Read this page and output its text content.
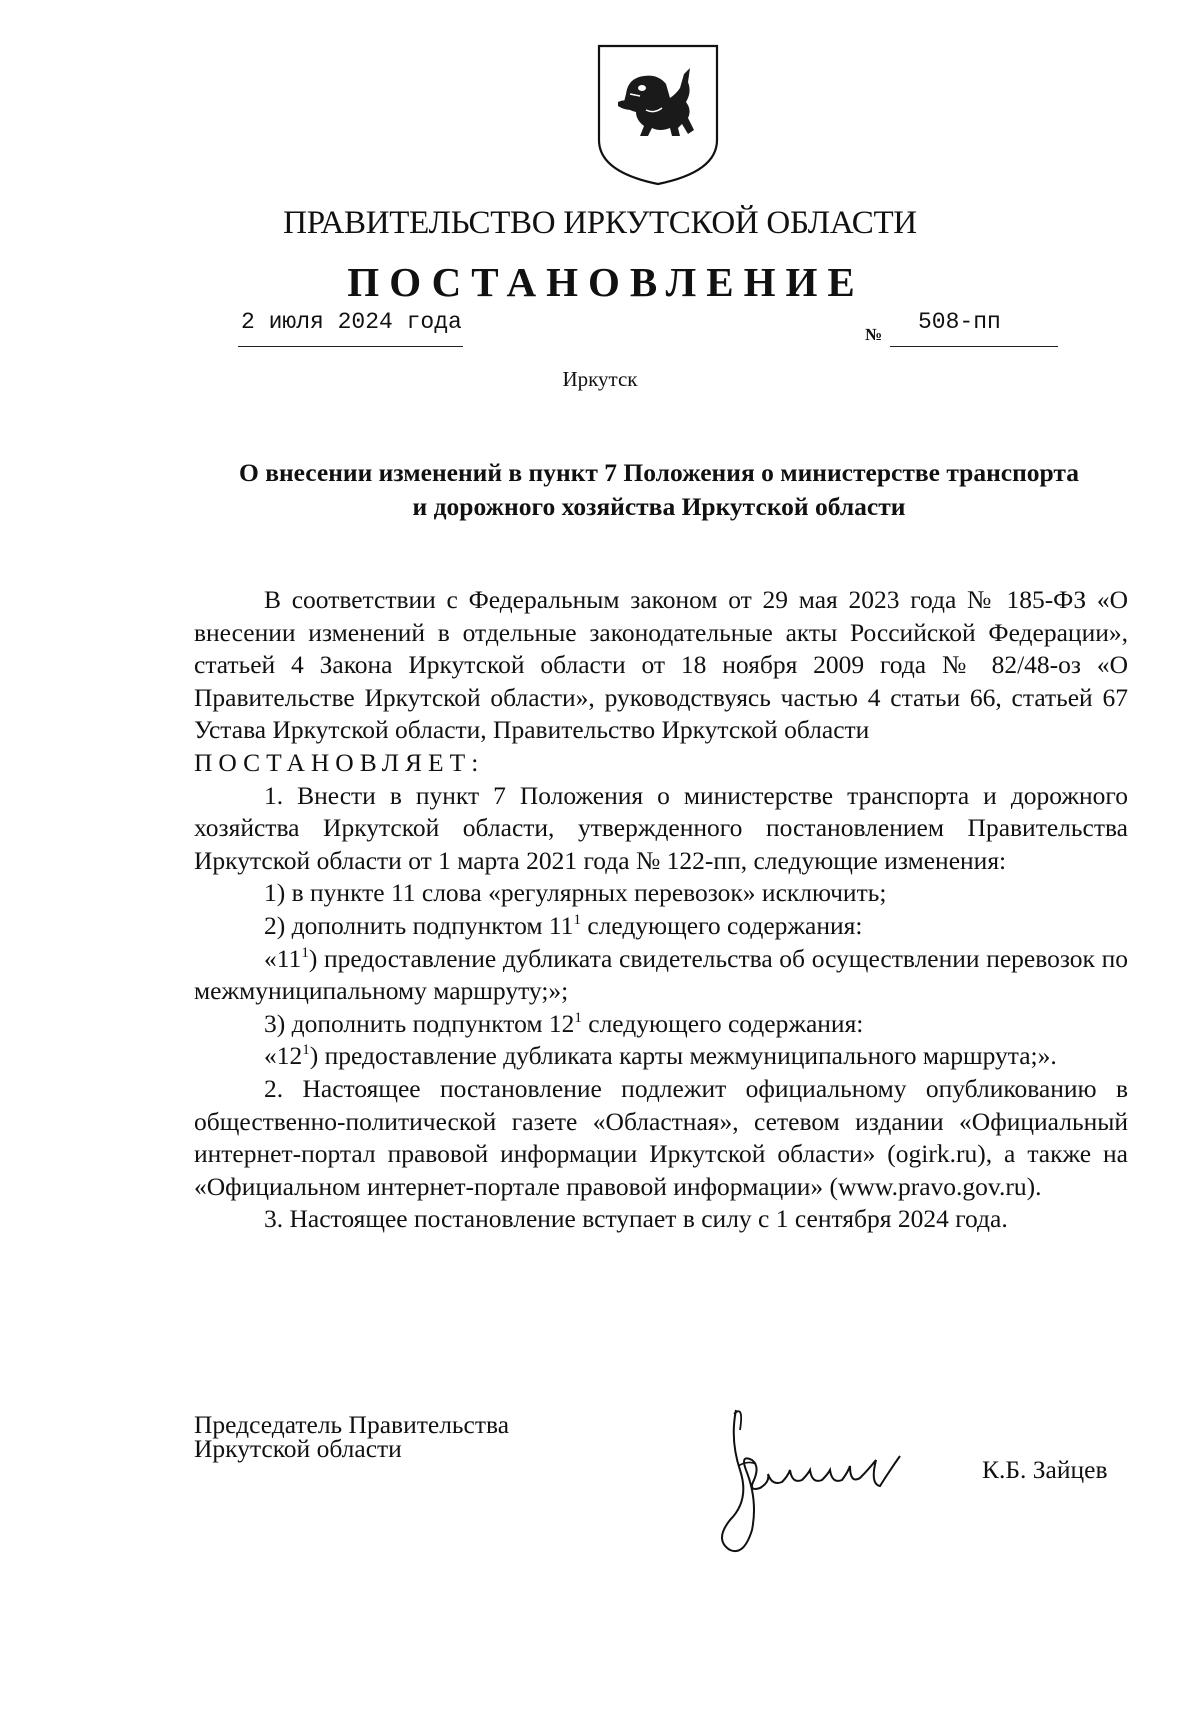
ПРАВИТЕЛЬСТВО ИРКУТСКОЙ ОБЛАСТИ
ПОСТАНОВЛЕНИЕ
2 июля 2024 года	№ 508-пп
Иркутск
О внесении изменений в пункт 7 Положения о министерстве транспорта
и дорожного хозяйства Иркутской области

В соответствии с Федеральным законом от 29 мая 2023 года № 185-ФЗ «О внесении изменений в отдельные законодательные акты Российской Федерации», статьей 4 Закона Иркутской области от 18 ноября 2009 года № 82/48-оз «О Правительстве Иркутской области», руководствуясь частью 4 статьи 66, статьей 67 Устава Иркутской области, Правительство Иркутской области

ПОСТАНОВЛЯЕТ:

1. Внести в пункт 7 Положения о министерстве транспорта и дорожного хозяйства Иркутской области, утвержденного постановлением Правительства Иркутской области от 1 марта 2021 года № 122-пп, следующие изменения:

1) в пункте 11 слова «регулярных перевозок» исключить;

2) дополнить подпунктом $11^1$ следующего содержания:

«$11^1$) предоставление дубликата свидетельства об осуществлении перевозок по межмуниципальному маршруту;»;

3) дополнить подпунктом $12^1$ следующего содержания:

«$12^1$) предоставление дубликата карты межмуниципального маршрута;».

2. Настоящее постановление подлежит официальному опубликованию в общественно-политической газете «Областная», сетевом издании «Официальный интернет-портал правовой информации Иркутской области» (ogirk.ru), а также на «Официальном интернет-портале правовой информации» (www.pravo.gov.ru).

3. Настоящее постановление вступает в силу с 1 сентября 2024 года.

Председатель Правительства
Иркутской области
К.Б. Зайцев
